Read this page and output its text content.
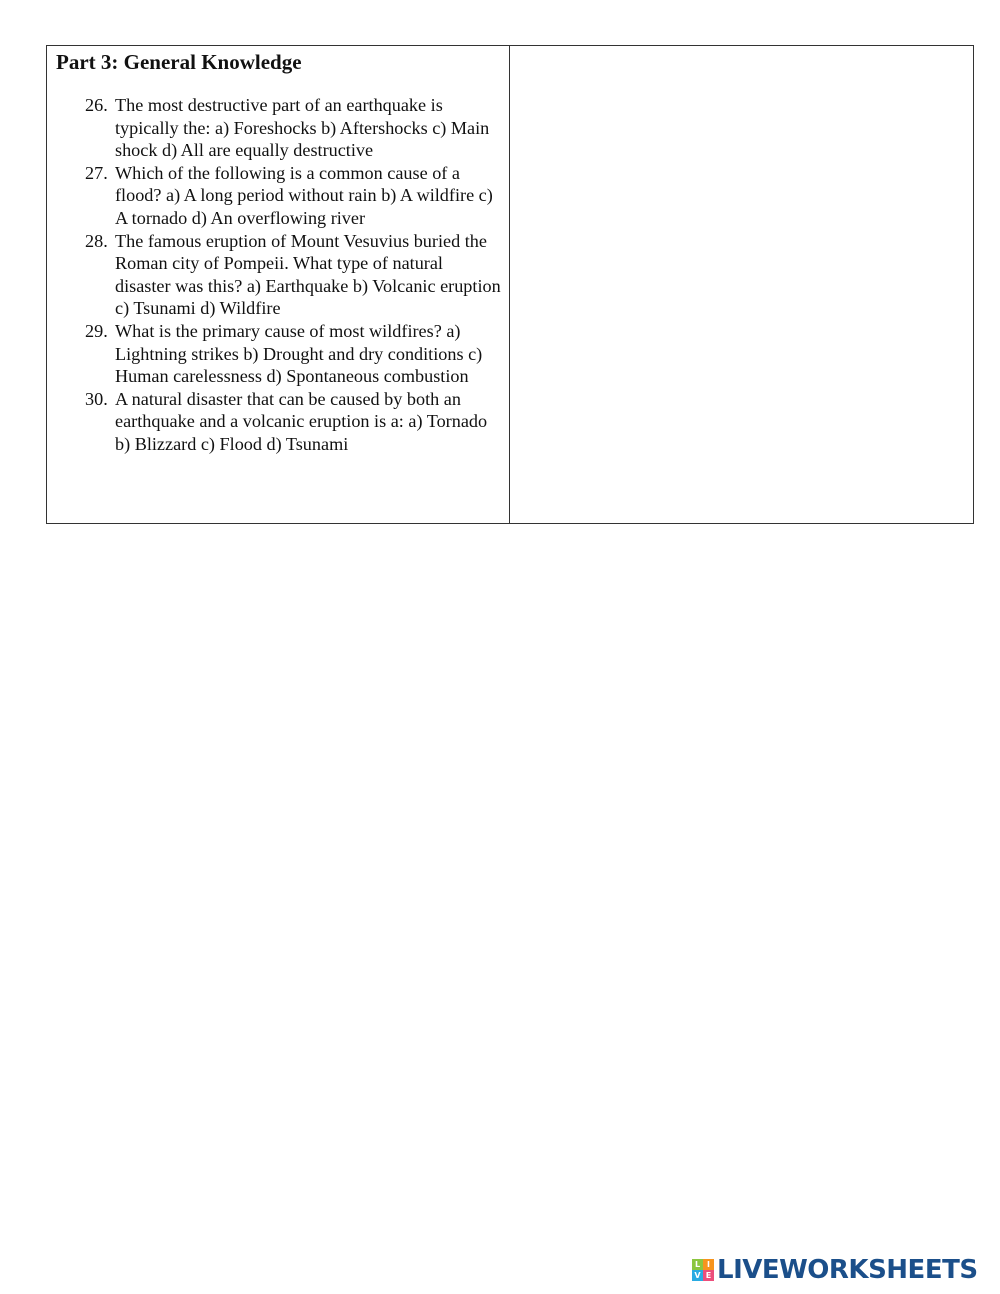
Part 3: General Knowledge
26. The most destructive part of an earthquake is typically the: a) Foreshocks b) Aftershocks c) Main shock d) All are equally destructive
27. Which of the following is a common cause of a flood? a) A long period without rain b) A wildfire c) A tornado d) An overflowing river
28. The famous eruption of Mount Vesuvius buried the Roman city of Pompeii. What type of natural disaster was this? a) Earthquake b) Volcanic eruption c) Tsunami d) Wildfire
29. What is the primary cause of most wildfires? a) Lightning strikes b) Drought and dry conditions c) Human carelessness d) Spontaneous combustion
30. A natural disaster that can be caused by both an earthquake and a volcanic eruption is a: a) Tornado b) Blizzard c) Flood d) Tsunami
L I
V E LIVEWORKSHEETS
